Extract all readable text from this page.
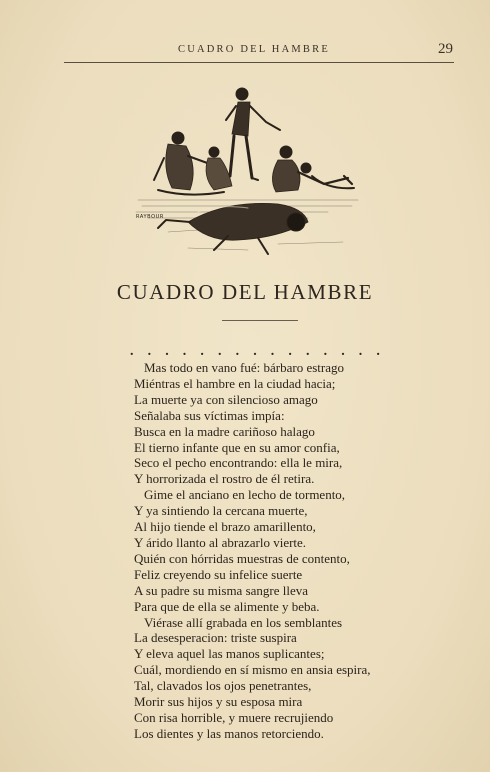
CUADRO DEL HAMBRE	29
RAYBOUR
CUADRO DEL HAMBRE
. . . . . . . . . . . . . . .
Mas todo en vano fué: bárbaro estrago
Miéntras el hambre en la ciudad hacia;
La muerte ya con silencioso amago
Señalaba sus víctimas impía:
Busca en la madre cariñoso halago
El tierno infante que en su amor confia,
Seco el pecho encontrando: ella le mira,
Y horrorizada el rostro de él retira.
Gime el anciano en lecho de tormento,
Y ya sintiendo la cercana muerte,
Al hijo tiende el brazo amarillento,
Y árido llanto al abrazarlo vierte.
Quién con hórridas muestras de contento,
Feliz creyendo su infelice suerte
A su padre su misma sangre lleva
Para que de ella se alimente y beba.
Viérase allí grabada en los semblantes
La desesperacion: triste suspira
Y eleva aquel las manos suplicantes;
Cuál, mordiendo en sí mismo en ansia espira,
Tal, clavados los ojos penetrantes,
Morir sus hijos y su esposa mira
Con risa horrible, y muere recrujiendo
Los dientes y las manos retorciendo.
